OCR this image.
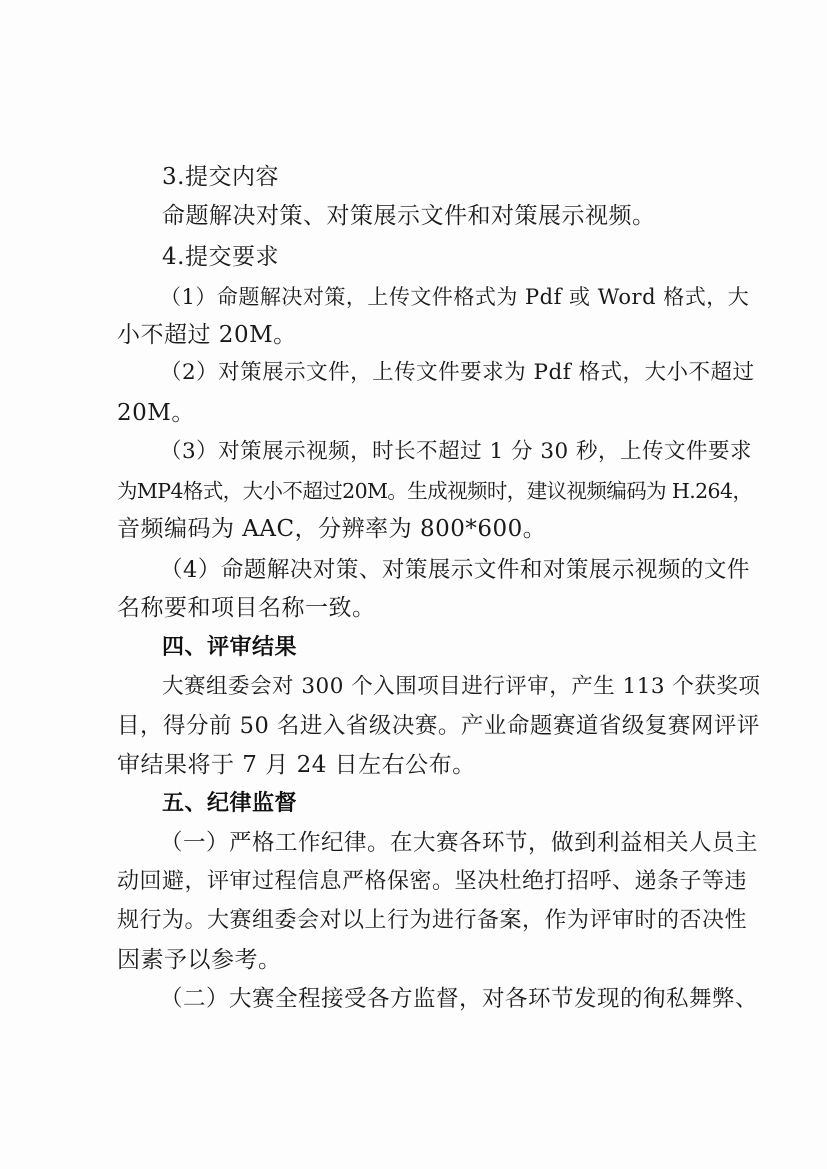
3.提交内容
命题解决对策、对策展示文件和对策展示视频。
4.提交要求
（1）命题解决对策，上传文件格式为 Pdf 或 Word 格式，大
小不超过 20M。
（2）对策展示文件，上传文件要求为 Pdf 格式，大小不超过
20M。
（3）对策展示视频，时长不超过 1 分 30 秒，上传文件要求
为MP4格式，大小不超过20M。生成视频时，建议视频编码为 H.264，
音频编码为 AAC，分辨率为 800*600。
（4）命题解决对策、对策展示文件和对策展示视频的文件
名称要和项目名称一致。
四、评审结果
大赛组委会对 300 个入围项目进行评审，产生 113 个获奖项
目，得分前 50 名进入省级决赛。产业命题赛道省级复赛网评评
审结果将于 7 月 24 日左右公布。
五、纪律监督
（一）严格工作纪律。在大赛各环节，做到利益相关人员主
动回避，评审过程信息严格保密。坚决杜绝打招呼、递条子等违
规行为。大赛组委会对以上行为进行备案，作为评审时的否决性
因素予以参考。
（二）大赛全程接受各方监督，对各环节发现的徇私舞弊、
